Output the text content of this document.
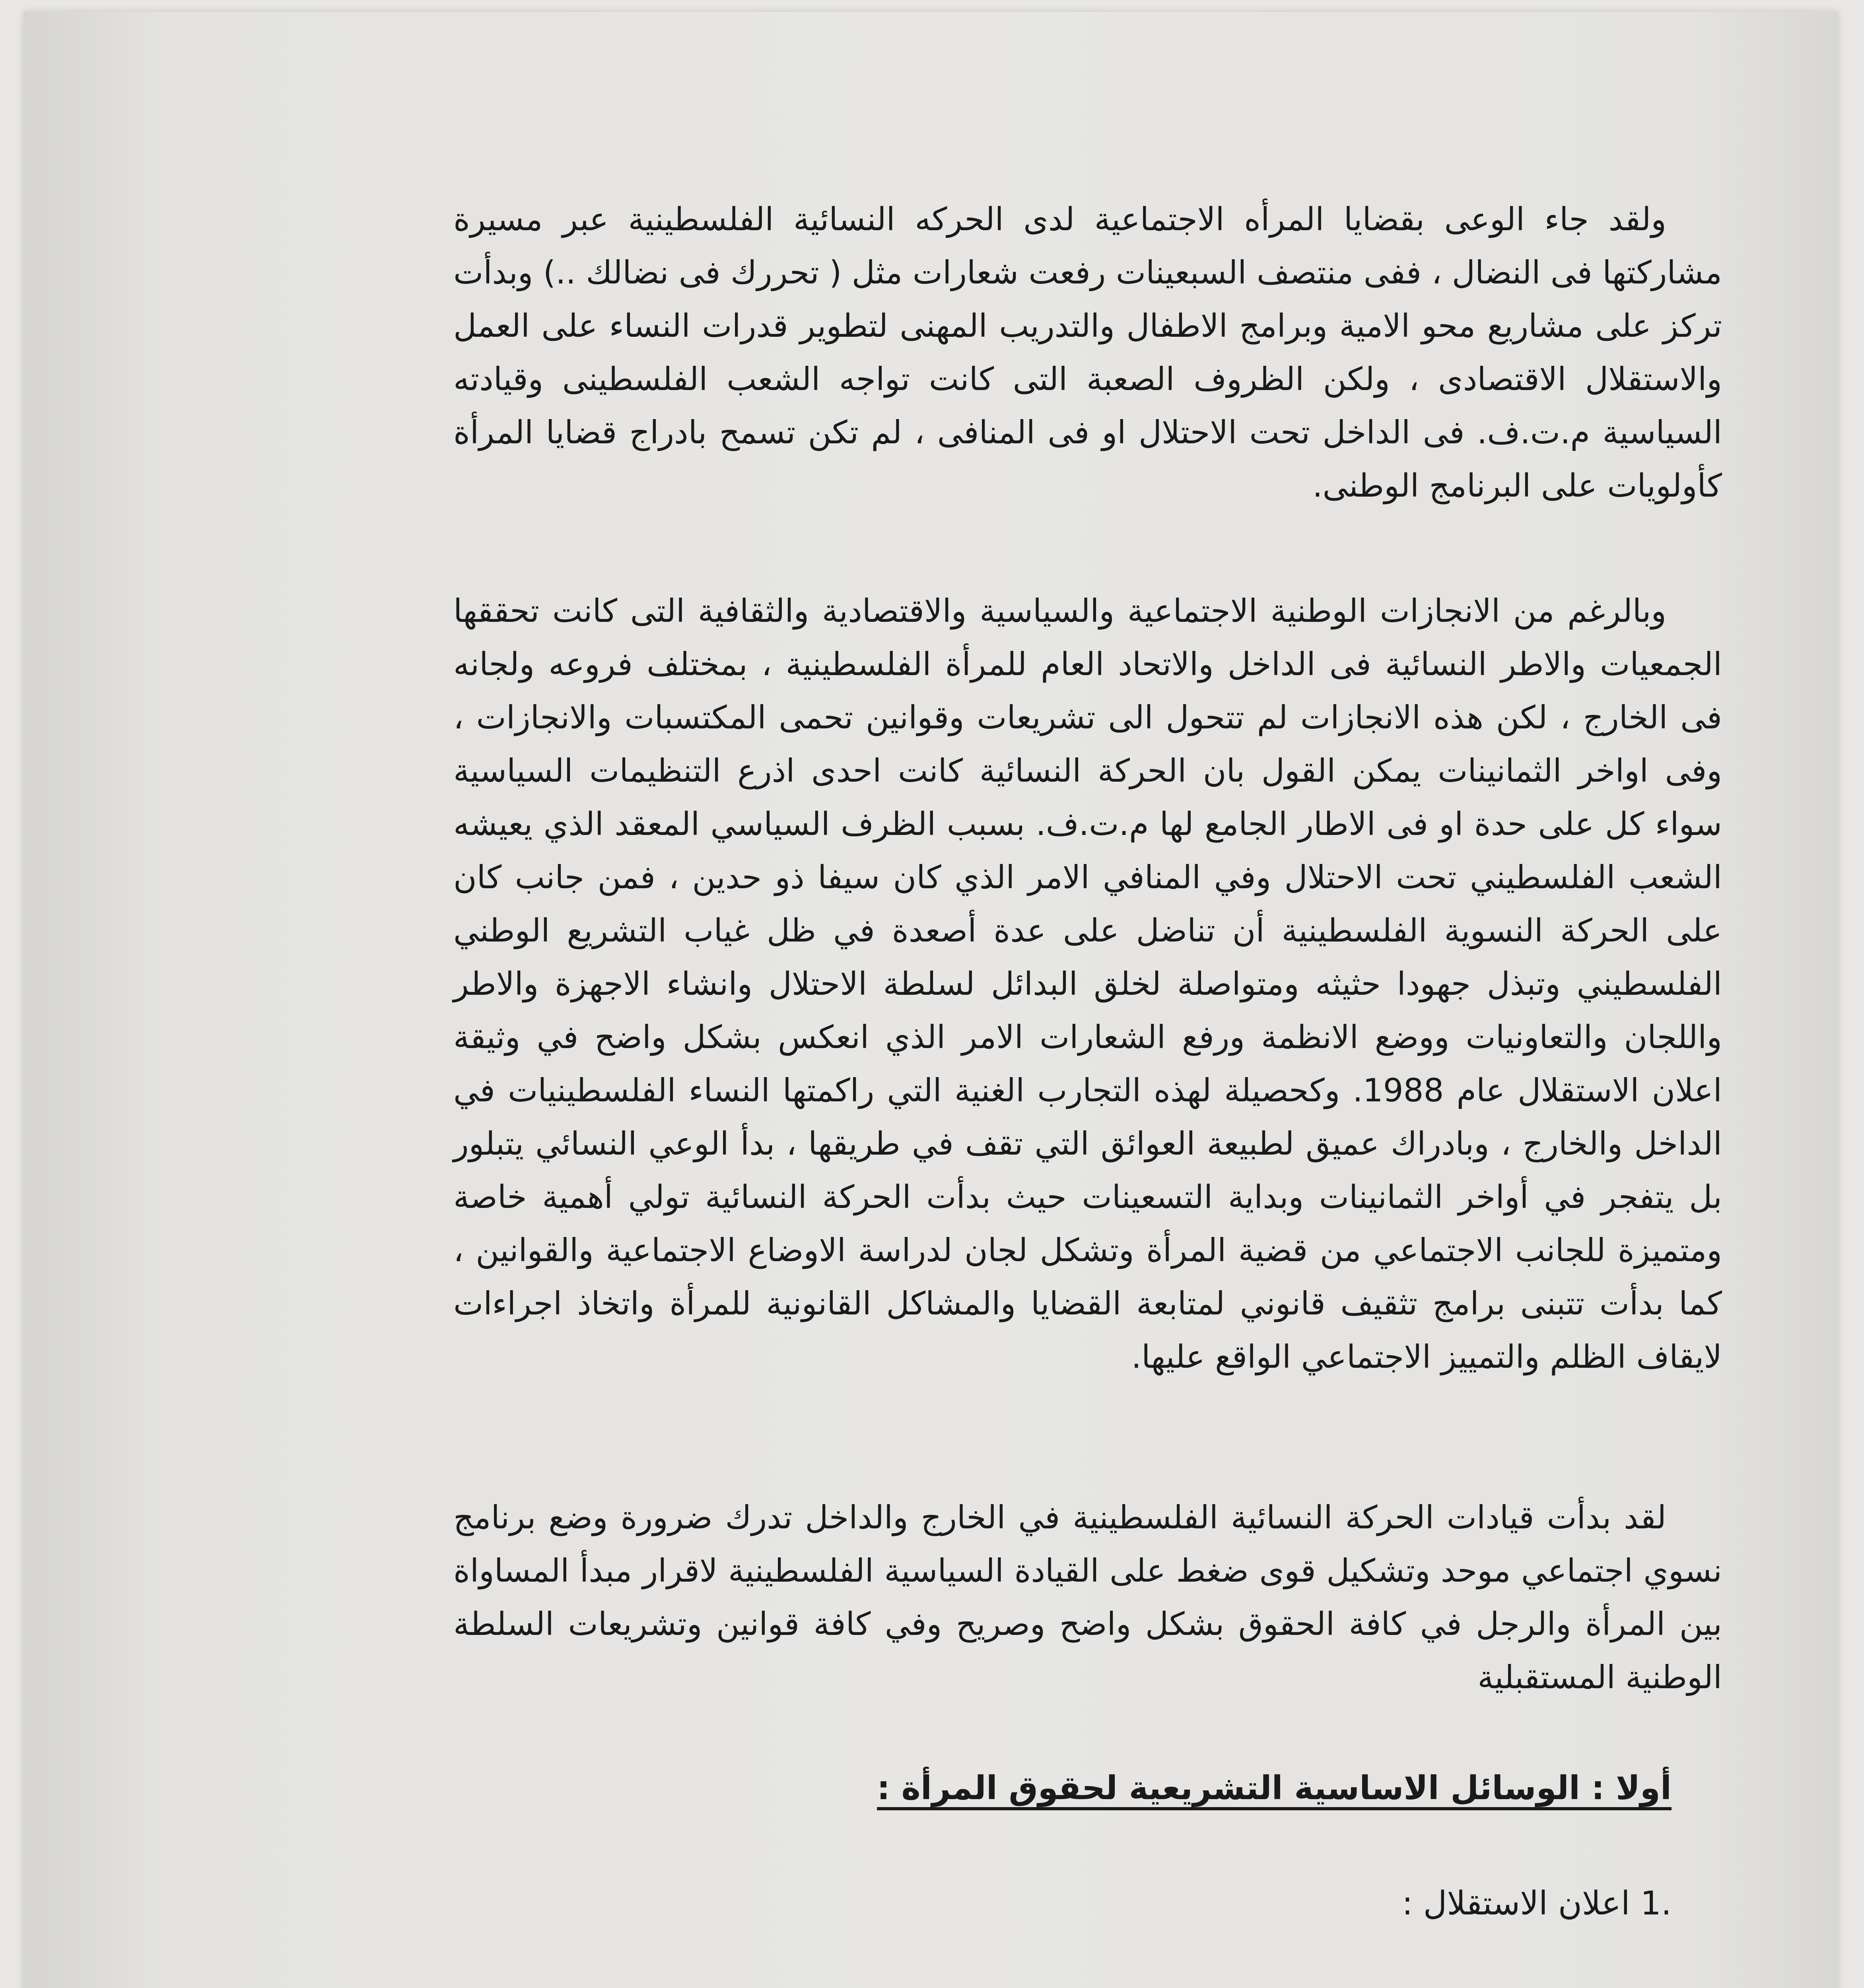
ولقد جاء الوعى بقضايا المرأه الاجتماعية لدى الحركه النسائية الفلسطينية عبر مسيرة مشاركتها فى النضال ، ففى منتصف السبعينات رفعت شعارات مثل ( تحررك فى نضالك ..) وبدأت تركز على مشاريع محو الامية وبرامج الاطفال والتدريب المهنى لتطوير قدرات النساء على العمل والاستقلال الاقتصادى ، ولكن الظروف الصعبة التى كانت تواجه الشعب الفلسطينى وقيادته السياسية م.ت.ف. فى الداخل تحت الاحتلال او فى المنافى ، لم تكن تسمح بادراج قضايا المرأة كأولويات على البرنامج الوطنى.

وبالرغم من الانجازات الوطنية الاجتماعية والسياسية والاقتصادية والثقافية التى كانت تحققها الجمعيات والاطر النسائية فى الداخل والاتحاد العام للمرأة الفلسطينية ، بمختلف فروعه ولجانه فى الخارج ، لكن هذه الانجازات لم تتحول الى تشريعات وقوانين تحمى المكتسبات والانجازات ، وفى اواخر الثمانينات يمكن القول بان الحركة النسائية كانت احدى اذرع التنظيمات السياسية سواء كل على حدة او فى الاطار الجامع لها م.ت.ف. بسبب الظرف السياسي المعقد الذي يعيشه الشعب الفلسطيني تحت الاحتلال وفي المنافي الامر الذي كان سيفا ذو حدين ، فمن جانب كان على الحركة النسوية الفلسطينية أن تناضل على عدة أصعدة في ظل غياب التشريع الوطني الفلسطيني وتبذل جهودا حثيثه ومتواصلة لخلق البدائل لسلطة الاحتلال وانشاء الاجهزة والاطر واللجان والتعاونيات ووضع الانظمة ورفع الشعارات الامر الذي انعكس بشكل واضح في وثيقة اعلان الاستقلال عام 1988. وكحصيلة لهذه التجارب الغنية التي راكمتها النساء الفلسطينيات في الداخل والخارج ، وبادراك عميق لطبيعة العوائق التي تقف في طريقها ، بدأ الوعي النسائي يتبلور بل يتفجر في أواخر الثمانينات وبداية التسعينات حيث بدأت الحركة النسائية تولي أهمية خاصة ومتميزة للجانب الاجتماعي من قضية المرأة وتشكل لجان لدراسة الاوضاع الاجتماعية والقوانين ، كما بدأت تتبنى برامج تثقيف قانوني لمتابعة القضايا والمشاكل القانونية للمرأة واتخاذ اجراءات لايقاف الظلم والتمييز الاجتماعي الواقع عليها.

لقد بدأت قيادات الحركة النسائية الفلسطينية في الخارج والداخل تدرك ضرورة وضع برنامج نسوي اجتماعي موحد وتشكيل قوى ضغط على القيادة السياسية الفلسطينية لاقرار مبدأ المساواة بين المرأة والرجل في كافة الحقوق بشكل واضح وصريح وفي كافة قوانين وتشريعات السلطة الوطنية المستقبلية

أولا : الوسائل الاساسية التشريعية لحقوق المرأة :
.1 اعلان الاستقلال :
